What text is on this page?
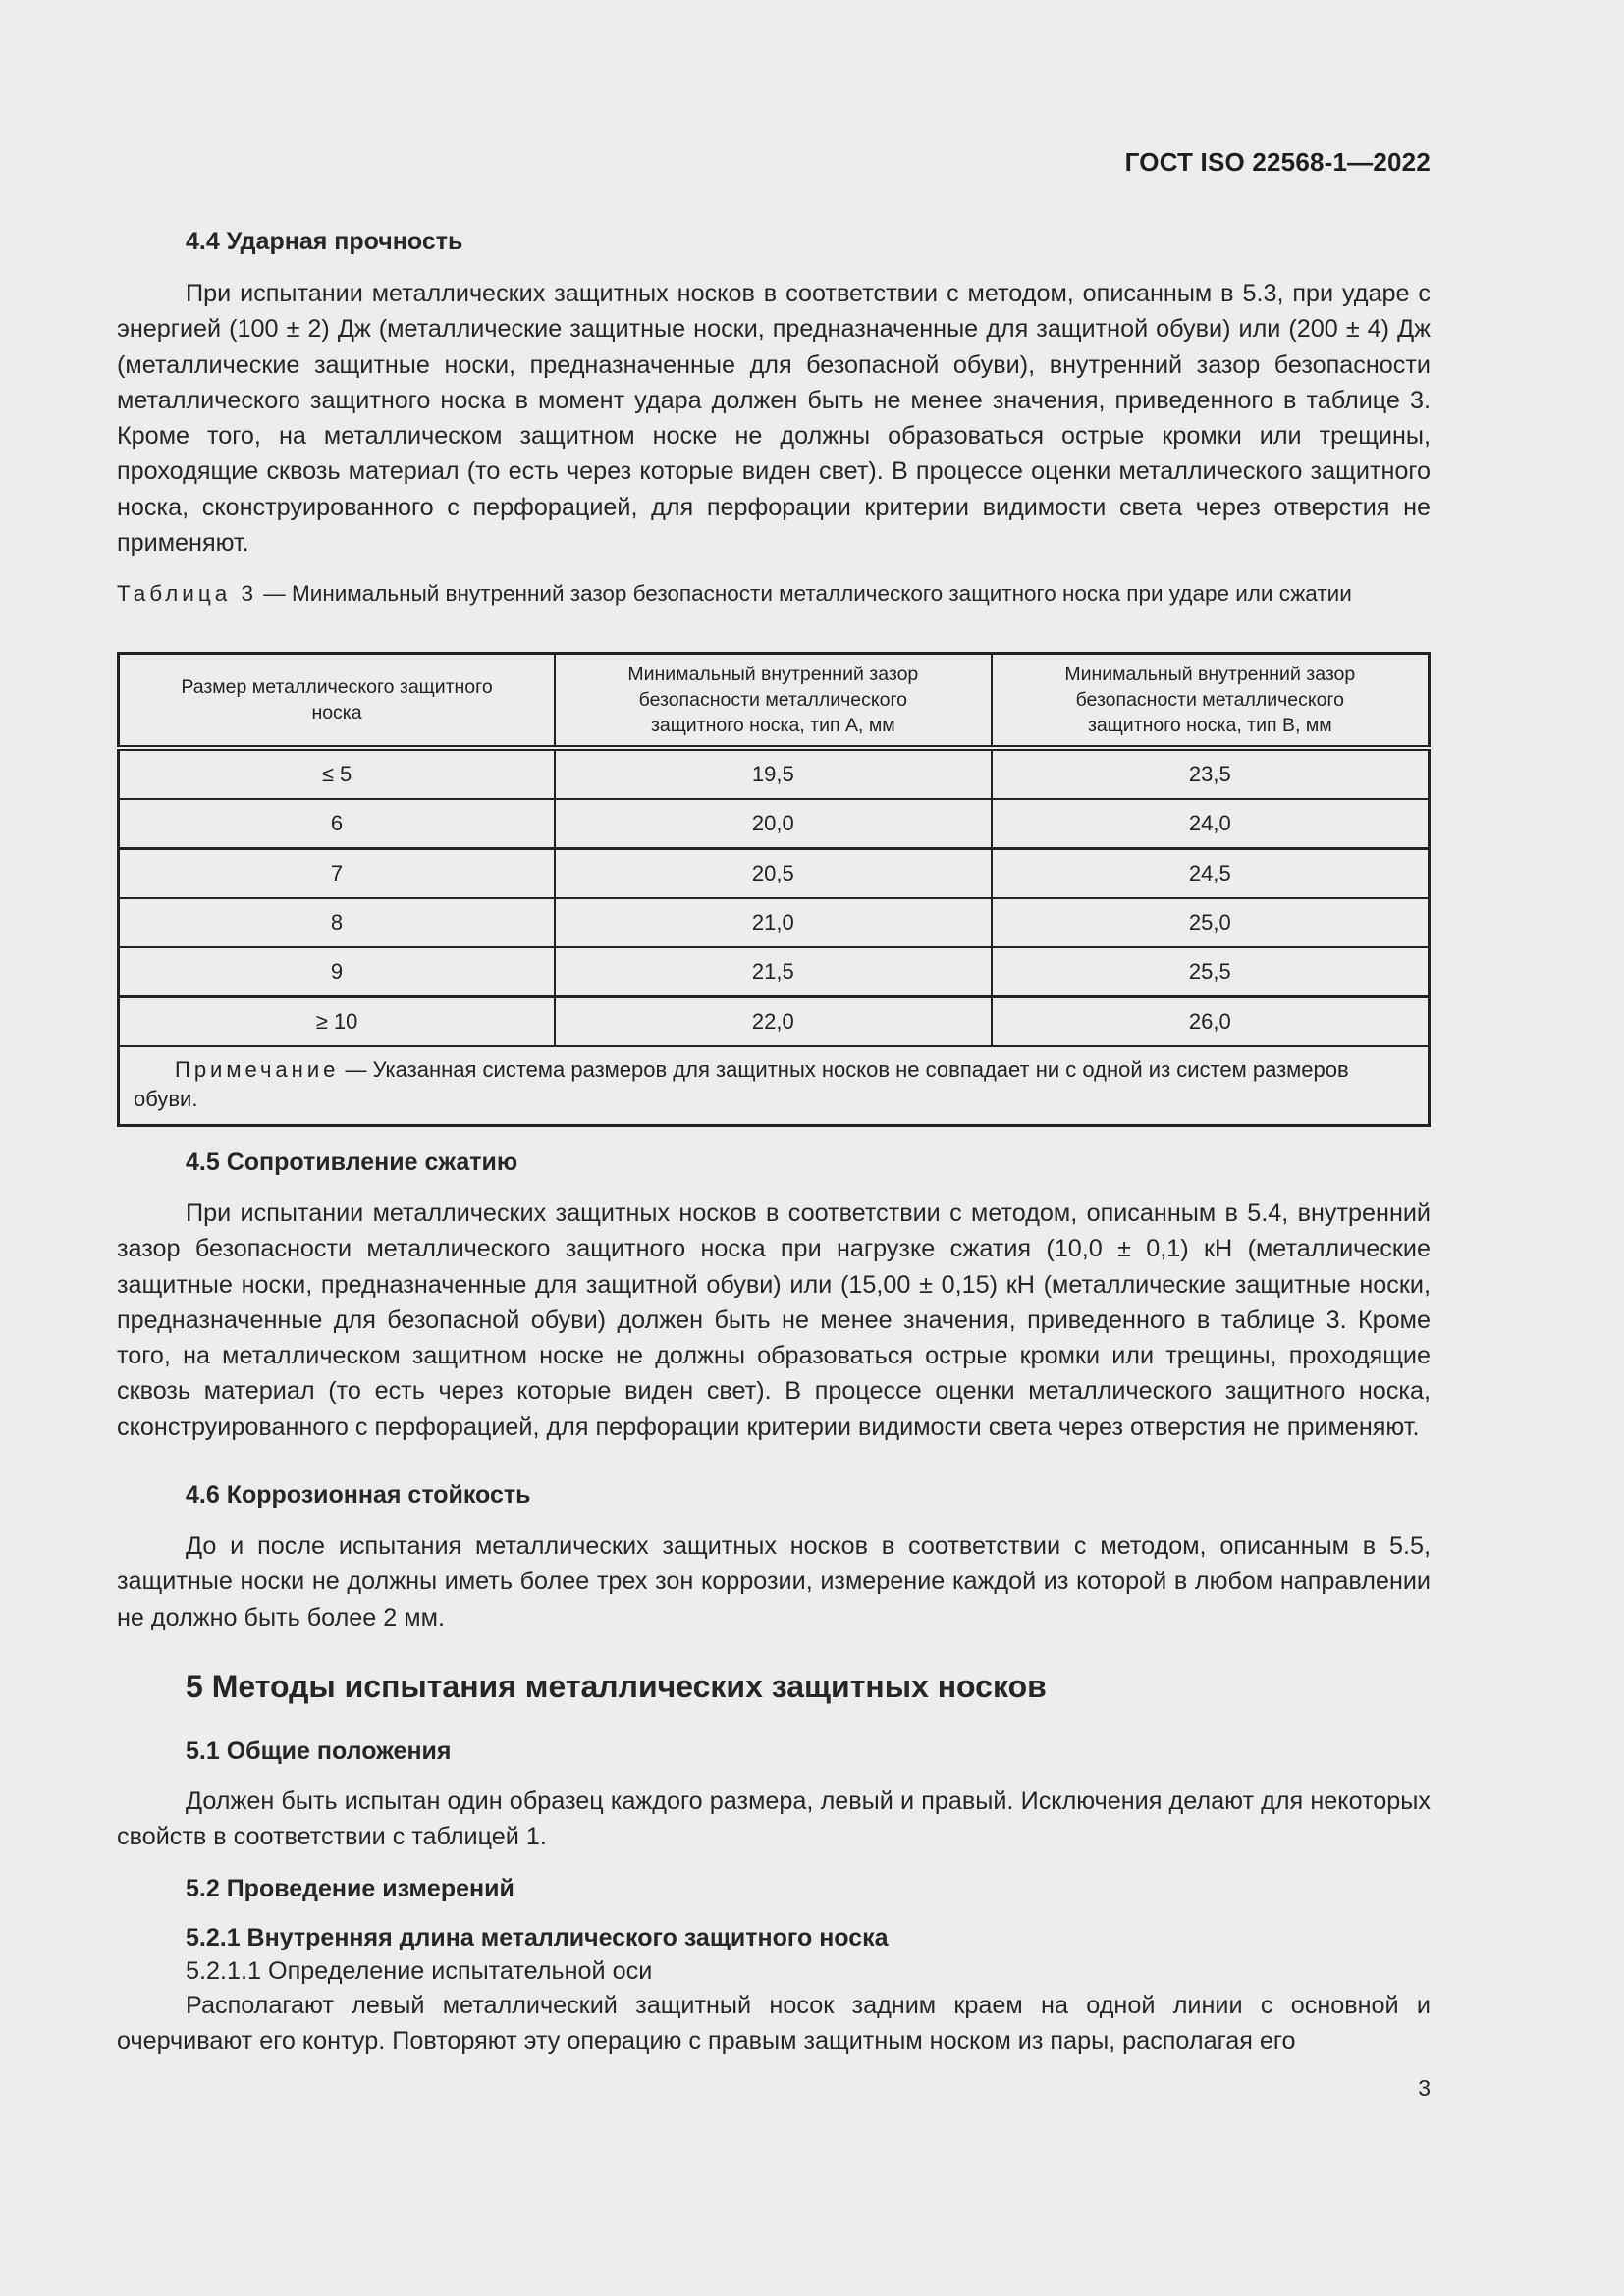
ГОСТ ISO 22568-1—2022
4.4 Ударная прочность

При испытании металлических защитных носков в соответствии с методом, описанным в 5.3, при ударе с энергией (100 ± 2) Дж (металлические защитные носки, предназначенные для защитной обуви) или (200 ± 4) Дж (металлические защитные носки, предназначенные для безопасной обуви), внутренний зазор безопасности металлического защитного носка в момент удара должен быть не менее значения, приведенного в таблице 3. Кроме того, на металлическом защитном носке не должны образоваться острые кромки или трещины, проходящие сквозь материал (то есть через которые виден свет). В процессе оценки металлического защитного носка, сконструированного с перфорацией, для перфорации критерии видимости света через отверстия не применяют.

Таблица 3 — Минимальный внутренний зазор безопасности металлического защитного носка при ударе или сжатии

Размер металлического защитного носка	Минимальный внутренний зазор безопасности металлического защитного носка, тип A, мм	Минимальный внутренний зазор безопасности металлического защитного носка, тип B, мм
≤ 5	19,5	23,5
6	20,0	24,0
7	20,5	24,5
8	21,0	25,0
9	21,5	25,5
≥ 10	22,0	26,0
Примечание — Указанная система размеров для защитных носков не совпадает ни с одной из систем размеров обуви.		
4.5 Сопротивление сжатию

При испытании металлических защитных носков в соответствии с методом, описанным в 5.4, внутренний зазор безопасности металлического защитного носка при нагрузке сжатия (10,0 ± 0,1) кН (металлические защитные носки, предназначенные для защитной обуви) или (15,00 ± 0,15) кН (металлические защитные носки, предназначенные для безопасной обуви) должен быть не менее значения, приведенного в таблице 3. Кроме того, на металлическом защитном носке не должны образоваться острые кромки или трещины, проходящие сквозь материал (то есть через которые виден свет). В процессе оценки металлического защитного носка, сконструированного с перфорацией, для перфорации критерии видимости света через отверстия не применяют.

4.6 Коррозионная стойкость

До и после испытания металлических защитных носков в соответствии с методом, описанным в 5.5, защитные носки не должны иметь более трех зон коррозии, измерение каждой из которой в любом направлении не должно быть более 2 мм.

5 Методы испытания металлических защитных носков
5.1 Общие положения

Должен быть испытан один образец каждого размера, левый и правый. Исключения делают для некоторых свойств в соответствии с таблицей 1.

5.2 Проведение измерений
5.2.1 Внутренняя длина металлического защитного носка

5.2.1.1 Определение испытательной оси

Располагают левый металлический защитный носок задним краем на одной линии с основной и очерчивают его контур. Повторяют эту операцию с правым защитным носком из пары, располагая его

3
